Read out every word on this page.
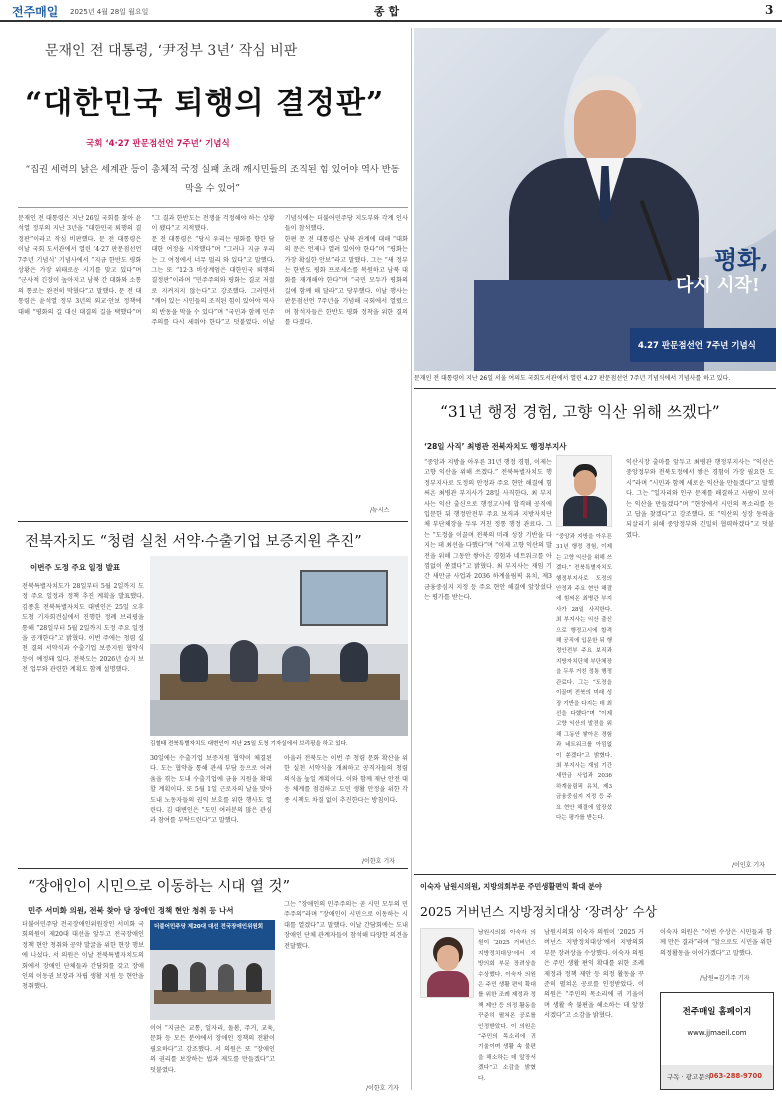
전주매일 2025년 4월 28일 월요일	종 합	3
문재인 전 대통령, ‘尹정부 3년’ 작심 비판
“대한민국 퇴행의 결정판”
국회 ‘4·27 판문점선언 7주년’ 기념식
“집권 세력의 낡은 세계관 등이 총체적 국정 실패 초래 깨시민들의 조직된 힘 있어야 역사 반동 막을 수 있어”

문재인 전 대통령은 지난 26일 국회를 찾아 윤석열 정부의 지난 3년을 “대한민국 퇴행의 결정판”이라고 작심 비판했다. 문 전 대통령은 이날 국회 도서관에서 열린 ‘4·27 판문점선언 7주년 기념식’ 기념사에서 “지금 한반도 평화 상황은 가장 위태로운 시기를 맞고 있다”며 “군사적 긴장이 높아지고 남북 간 대화와 소통의 통로는 완전히 막혔다”고 말했다. 문 전 대통령은 윤석열 정부 3년의 외교·안보 정책에 대해 “평화의 길 대신 대결의 길을 택했다”며 “그 결과 한반도는 전쟁을 걱정해야 하는 상황이 됐다”고 지적했다.

문 전 대통령은 “당시 우리는 평화를 향한 담대한 여정을 시작했다”며 “그러나 지금 우리는 그 여정에서 너무 멀리 와 있다”고 말했다. 그는 또 “12·3 비상계엄은 대한민국 퇴행의 결정판”이라며 “민주주의와 평화는 결코 저절로 지켜지지 않는다”고 강조했다. 그러면서 “깨어 있는 시민들의 조직된 힘이 있어야 역사의 반동을 막을 수 있다”며 “국민과 함께 민주주의를 다시 세워야 한다”고 덧붙였다. 이날 기념식에는 더불어민주당 지도부와 각계 인사들이 참석했다.

한편 문 전 대통령은 남북 관계에 대해 “대화의 문은 언제나 열려 있어야 한다”며 “평화는 가장 확실한 안보”라고 말했다. 그는 “새 정부는 한반도 평화 프로세스를 복원하고 남북 대화를 재개해야 한다”며 “국민 모두가 평화의 길에 함께 해 달라”고 당부했다. 이날 행사는 판문점선언 7주년을 기념해 국회에서 열렸으며 참석자들은 한반도 평화 정착을 위한 결의를 다졌다.

/뉴시스
평화,
다시 시작!
4.27 판문점선언 7주년 기념식
문재인 전 대통령이 지난 26일 서울 여의도 국회도서관에서 열린 4.27 판문점선언 7주년 기념식에서 기념사를 하고 있다.
“31년 행정 경험, 고향 익산 위해 쓰겠다”
‘28일 사직’ 최병관 전북자치도 행정부지사
“중앙과 지방을 아우른 31년 행정 경험, 이제는 고향 익산을 위해 쓰겠다.” 전북특별자치도 행정부지사로 도정의 안정과 주요 현안 해결에 힘써온 최병관 부지사가 28일 사직한다. 최 부지사는 익산 출신으로 행정고시에 합격해 공직에 입문한 뒤 행정안전부 주요 보직과 지방자치단체 부단체장을 두루 거친 정통 행정 관료다. 그는 “도정을 이끌며 전북의 미래 성장 기반을 다지는 데 최선을 다했다”며 “이제 고향 익산의 발전을 위해 그동안 쌓아온 경험과 네트워크를 아낌없이 쏟겠다”고 밝혔다. 최 부지사는 재임 기간 새만금 사업과 2036 하계올림픽 유치, 제3금융중심지 지정 등 주요 현안 해결에 앞장섰다는 평가를 받는다.
“중앙과 지방을 아우른 31년 행정 경험, 이제는 고향 익산을 위해 쓰겠다.” 전북특별자치도 행정부지사로 도정의 안정과 주요 현안 해결에 힘써온 최병관 부지사가 28일 사직한다. 최 부지사는 익산 출신으로 행정고시에 합격해 공직에 입문한 뒤 행정안전부 주요 보직과 지방자치단체 부단체장을 두루 거친 정통 행정 관료다. 그는 “도정을 이끌며 전북의 미래 성장 기반을 다지는 데 최선을 다했다”며 “이제 고향 익산의 발전을 위해 그동안 쌓아온 경험과 네트워크를 아낌없이 쏟겠다”고 밝혔다. 최 부지사는 재임 기간 새만금 사업과 2036 하계올림픽 유치, 제3금융중심지 지정 등 주요 현안 해결에 앞장섰다는 평가를 받는다.
익산시장 출마를 앞두고 최병관 행정부지사는 “익산은 중앙정부와 전북도정에서 쌓은 경험이 가장 필요한 도시”라며 “시민과 함께 새로운 익산을 만들겠다”고 말했다. 그는 “일자리와 인구 문제를 해결하고 사람이 모이는 익산을 만들겠다”며 “현장에서 시민의 목소리를 듣고 답을 찾겠다”고 강조했다. 또 “익산의 성장 동력을 되살리기 위해 중앙정부와 긴밀히 협력하겠다”고 덧붙였다.
/이인호 기자
전북자치도 “청렴 실천 서약·수출기업 보증지원 추진”
이번주 도정 주요 일정 발표
전북특별자치도가 28일부터 5월 2일까지 도정 주요 일정과 정책 추진 계획을 발표했다. 김종훈 전북특별자치도 대변인은 25일 오후 도청 기자회견실에서 진행한 정례 브리핑을 통해 “28일부터 5월 2일까지 도정 주요 일정을 공개한다”고 밝혔다. 이번 주에는 청렴 실천 결의 서약식과 수출기업 보증지원 협약식 등이 예정돼 있다. 전북도는 2026년 습지 보전 업무와 관련한 계획도 함께 설명했다.
김철태 전북특별자치도 대변인이 지난 25일 도청 기자실에서 브리핑을 하고 있다.
30일에는 수출기업 보증지원 협약이 체결된다. 도는 협약을 통해 관세 부담 등으로 어려움을 겪는 도내 수출기업에 금융 지원을 확대할 계획이다. 또 5월 1일 근로자의 날을 맞아 도내 노동자들의 권익 보호를 위한 행사도 열린다. 김 대변인은 “도민 여러분의 많은 관심과 참여를 부탁드린다”고 말했다.
아울러 전북도는 이번 주 청렴 문화 확산을 위한 실천 서약식을 개최하고 공직자들의 청렴 의식을 높일 계획이다. 이와 함께 재난 안전 대응 체계를 점검하고 도민 생활 안정을 위한 각종 시책도 차질 없이 추진한다는 방침이다.
/이한호 기자
“장애인이 시민으로 이동하는 시대 열 것”
민주 서미화 의원, 전북 찾아 당 장애인 정책 현안 청취 등 나서
더불어민주당 전국장애인위원장인 서미화 국회의원이 제20대 대선을 앞두고 전국장애인 정책 현안 청취와 공약 발굴을 위한 현장 행보에 나섰다. 서 의원은 이날 전북특별자치도의회에서 장애인 단체들과 간담회를 갖고 장애인의 이동권 보장과 자립 생활 지원 등 현안을 청취했다.
더불어민주당 제20대 대선 전국장애인위원회
이어 “지금은 교통, 일자리, 돌봄, 주거, 교육, 문화 등 모든 분야에서 장애인 정책의 전환이 필요하다”고 강조했다. 서 의원은 또 “장애인의 권리를 보장하는 법과 제도를 만들겠다”고 덧붙였다.
그는 “장애인의 민주주의는 곧 시민 모두의 민주주의”라며 “장애인이 시민으로 이동하는 시대를 열겠다”고 말했다. 이날 간담회에는 도내 장애인 단체 관계자들이 참석해 다양한 의견을 전달했다.
/이한호 기자
이숙자 남원시의원, 지방의회부문 주민생활편익 확대 분야
2025 거버넌스 지방정치대상 ‘장려상’ 수상
남원시의회 이숙자 의원이 ‘2025 거버넌스 지방정치대상’에서 지방의회 부문 장려상을 수상했다. 이숙자 의원은 주민 생활 편익 확대를 위한 조례 제정과 정책 제안 등 의정 활동을 꾸준히 펼쳐온 공로를 인정받았다. 이 의원은 “주민의 목소리에 귀 기울이며 생활 속 불편을 해소하는 데 앞장서겠다”고 소감을 밝혔다.
남원시의회 이숙자 의원이 ‘2025 거버넌스 지방정치대상’에서 지방의회 부문 장려상을 수상했다. 이숙자 의원은 주민 생활 편익 확대를 위한 조례 제정과 정책 제안 등 의정 활동을 꾸준히 펼쳐온 공로를 인정받았다. 이 의원은 “주민의 목소리에 귀 기울이며 생활 속 불편을 해소하는 데 앞장서겠다”고 소감을 밝혔다.
이숙자 의원은 “이번 수상은 시민들과 함께 만든 결과”라며 “앞으로도 시민을 위한 의정활동을 이어가겠다”고 말했다.
/남원=김기주 기자
전주매일 홈페이지
www.jjmaeil.com
구독 · 광고문의
063-288-9700
